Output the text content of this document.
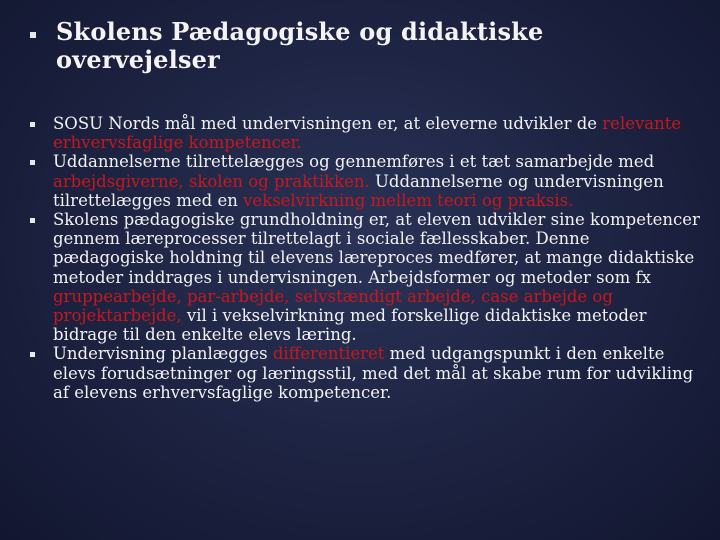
Skolens Pædagogiske og didaktiske overvejelser
SOSU Nords mål med undervisningen er, at eleverne udvikler de relevante erhvervsfaglige kompetencer.
Uddannelserne tilrettelægges og gennemføres i et tæt samarbejde med arbejdsgiverne, skolen og praktikken. Uddannelserne og undervisningen tilrettelægges med en vekselvirkning mellem teori og praksis.
Skolens pædagogiske grundholdning er, at eleven udvikler sine kompetencer gennem læreprocesser tilrettelagt i sociale fællesskaber. Denne pædagogiske holdning til elevens læreproces medfører, at mange didaktiske metoder inddrages i undervisningen. Arbejdsformer og metoder som fx gruppearbejde, par-arbejde, selvstændigt arbejde, case arbejde og projektarbejde, vil i vekselvirkning med forskellige didaktiske metoder bidrage til den enkelte elevs læring.
Undervisning planlægges differentieret med udgangspunkt i den enkelte elevs forudsætninger og læringsstil, med det mål at skabe rum for udvikling af elevens erhvervsfaglige kompetencer.
